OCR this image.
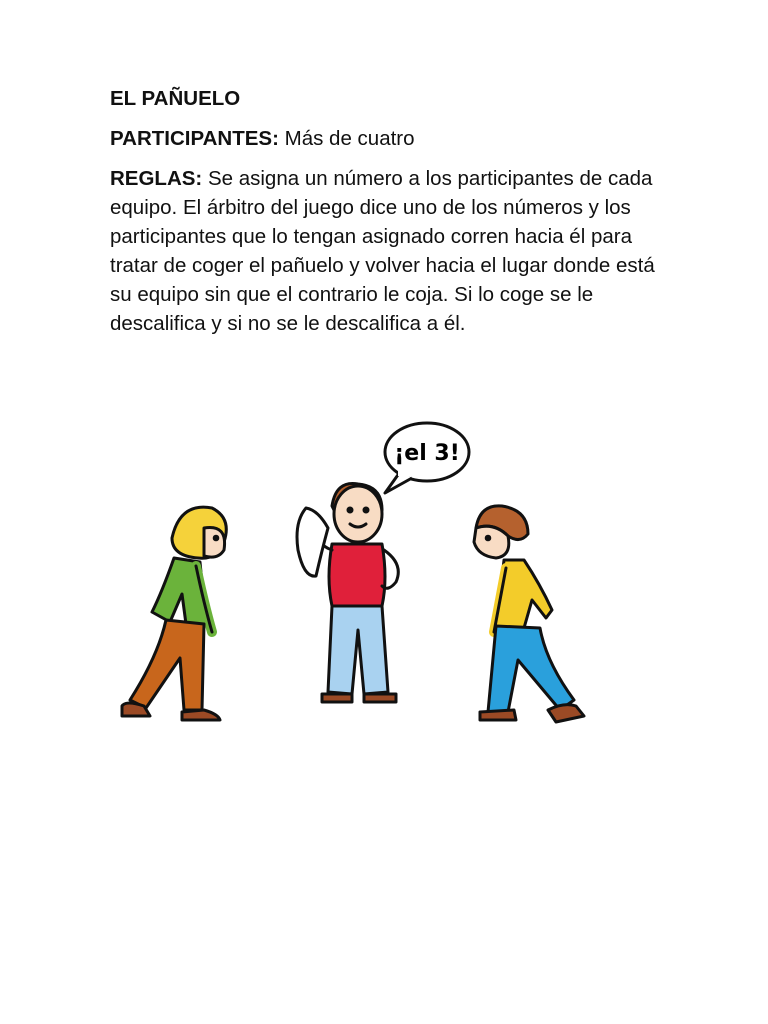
EL PAÑUELO

PARTICIPANTES: Más de cuatro

REGLAS: Se asigna un número a los participantes de cada equipo. El árbitro del juego dice uno de los números y los participantes que lo tengan asignado corren hacia él para tratar de coger el pañuelo y volver hacia el lugar donde está su equipo sin que el contrario le coja. Si lo coge se le descalifica y si no se le descalifica a él.

¡el 3!
